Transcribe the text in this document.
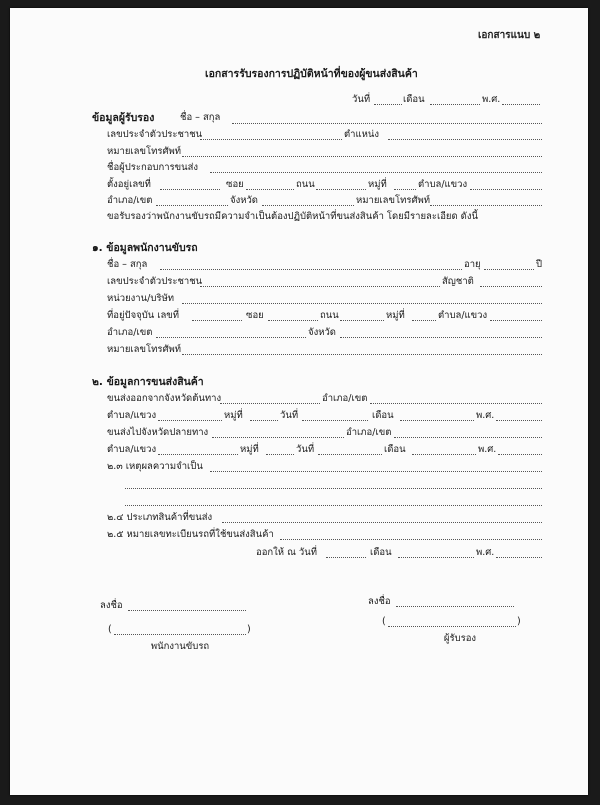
เอกสารแนบ ๒
เอกสารรับรองการปฏิบัติหน้าที่ของผู้ขนส่งสินค้า
วันที่	เดือน	พ.ศ.
ข้อมูลผู้รับรอง	ชื่อ – สกุล
เลขประจำตัวประชาชน	ตำแหน่ง
หมายเลขโทรศัพท์
ชื่อผู้ประกอบการขนส่ง
ตั้งอยู่เลขที่	ซอย	ถนน	หมู่ที่	ตำบล/แขวง
อำเภอ/เขต	จังหวัด	หมายเลขโทรศัพท์
ขอรับรองว่าพนักงานขับรถมีความจำเป็นต้องปฏิบัติหน้าที่ขนส่งสินค้า โดยมีรายละเอียด ดังนี้
๑. ข้อมูลพนักงานขับรถ
ชื่อ – สกุล	อายุ	ปี
เลขประจำตัวประชาชน	สัญชาติ
หน่วยงาน/บริษัท
ที่อยู่ปัจจุบัน เลขที่	ซอย	ถนน	หมู่ที่	ตำบล/แขวง
อำเภอ/เขต	จังหวัด
หมายเลขโทรศัพท์
๒. ข้อมูลการขนส่งสินค้า
ขนส่งออกจากจังหวัดต้นทาง	อำเภอ/เขต
ตำบล/แขวง	หมู่ที่	วันที่	เดือน	พ.ศ.
ขนส่งไปจังหวัดปลายทาง	อำเภอ/เขต
ตำบล/แขวง	หมู่ที่	วันที่	เดือน	พ.ศ.
๒.๓ เหตุผลความจำเป็น
๒.๔ ประเภทสินค้าที่ขนส่ง
๒.๕ หมายเลขทะเบียนรถที่ใช้ขนส่งสินค้า
ออกให้ ณ วันที่	เดือน	พ.ศ.
ลงชื่อ
(	)
พนักงานขับรถ
ลงชื่อ
(	)
ผู้รับรอง
